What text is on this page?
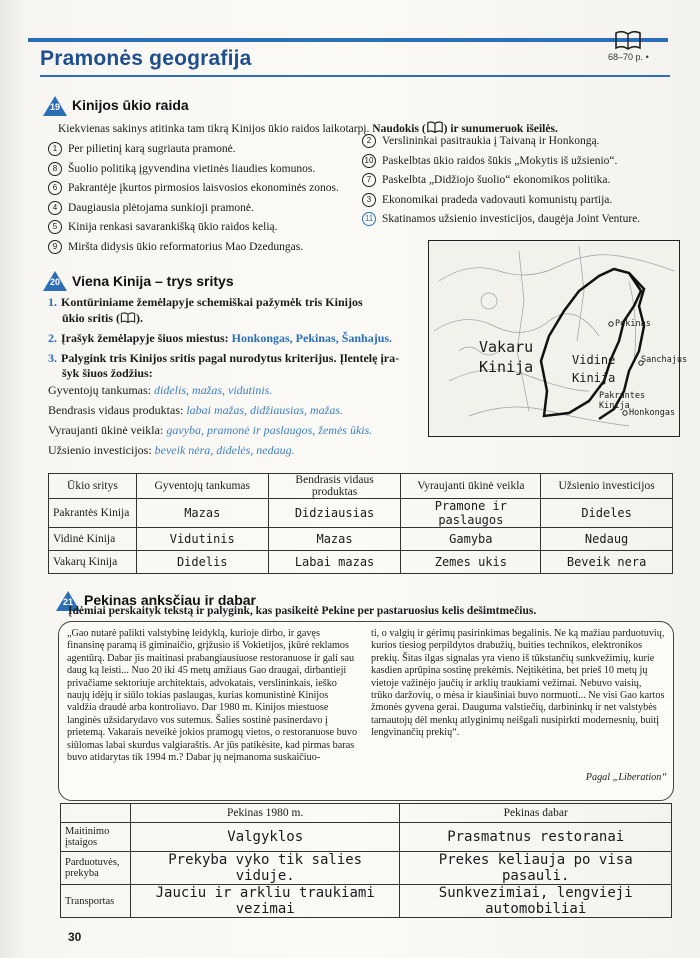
Pramonės geografija	68–70 p. •
19 Kinijos ūkio raida
Kiekvienas sakinys atitinka tam tikrą Kinijos ūkio raidos laikotarpį. Naudokis ( ) ir sunumeruok išeilės.
1 Per pilietinį karą sugriauta pramonė.
8 Šuolio politiką įgyvendina vietinės liaudies komunos.
6 Pakrantėje įkurtos pirmosios laisvosios ekonominės zonos.
4 Daugiausia plėtojama sunkioji pramonė.
5 Kinija renkasi savarankišką ūkio raidos kelią.
9 Miršta didysis ūkio reformatorius Mao Dzedungas.
2 Verslininkai pasitraukia į Taivaną ir Honkongą.
10 Paskelbtas ūkio raidos šūkis „Mokytis iš užsienio“.
7 Paskelbta „Didžiojo šuolio“ ekonomikos politika.
3 Ekonomikai pradeda vadovauti komunistų partija.
11 Skatinamos užsienio investicijos, daugėja Joint Venture.
20 Viena Kinija – trys sritys
1. Kontūriniame žemėlapyje schemiškai pažymėk tris Kinijos
ūkio sritis ( ).
2. Įrašyk žemėlapyje šiuos miestus: Honkongas, Pekinas, Šanhajus.
3. Palygink tris Kinijos sritis pagal nurodytus kriterijus. Įlentelę įra-
šyk šiuos žodžius:
Gyventojų tankumas: didelis, mažas, vidutinis.
Bendrasis vidaus produktas: labai mažas, didžiausias, mažas.
Vyraujanti ūkinė veikla: gavyba, pramonė ir paslaugos, žemės ūkis.
Užsienio investicijos: beveik nėra, didelės, nedaug.
Vakaru
Kinija	Vidine
Kinija
Pakrantes Kinija
Pekinas
Sanchajus
Honkongas
Ūkio sritys	Gyventojų tankumas	Bendrasis vidaus produktas	Vyraujanti ūkinė veikla	Užsienio investicijos
Pakrantės Kinija	Mazas	Didziausias	Pramone ir paslaugos	Dideles
Vidinė Kinija	Vidutinis	Mazas	Gamyba	Nedaug
Vakarų Kinija	Didelis	Labai mazas	Zemes ukis	Beveik nera
21 Pekinas anksčiau ir dabar
Įdėmiai perskaityk tekstą ir palygink, kas pasikeitė Pekine per pastaruosius kelis dešimtmečius.
„Gao nutarė palikti valstybinę leidyklą, kurioje dirbo, ir gavęs finansinę paramą iš giminaičio, grįžusio iš Vokietijos, įkūrė reklamos agentūrą. Dabar jis maitinasi prabangiausiuose restoranuose ir gali sau daug ką leisti... Nuo 20 iki 45 metų amžiaus Gao draugai, dirbantieji privačiame sektoriuje architektais, advokatais, verslininkais, ieško naujų idėjų ir siūlo tokias paslaugas, kurias komunistinė Kinijos valdžia draudė arba kontroliavo. Dar 1980 m. Kinijos miestuose langinės užsidarydavo vos sutemus. Šalies sostinė pasinerdavo į prietemą. Vakarais neveikė jokios pramogų vietos, o restoranuose buvo siūlomas labai skurdus valgiaraštis. Ar jūs patikėsite, kad pirmas baras buvo atidarytas tik 1994 m.? Dabar jų neįmanoma suskaičiuo-
ti, o valgių ir gėrimų pasirinkimas begalinis. Ne ką mažiau parduotuvių, kurios tiesiog perpildytos drabužių, buities technikos, elektronikos prekių. Šitas ilgas signalas yra vieno iš tūkstančių sunkvežimių, kurie kasdien aprūpina sostinę prekėmis. Neįtikėtina, bet prieš 10 metų jų vietoje važinėjo jaučių ir arklių traukiami vežimai. Nebuvo vaisių, trūko daržovių, o mėsa ir kiaušiniai buvo normuoti... Ne visi Gao kartos žmonės gyvena gerai. Dauguma valstiečių, darbininkų ir net valstybės tarnautojų dėl menkų atlyginimų neišgali nusipirkti modernesnių, buitį lengvinančių prekių“.
Pagal „Liberation“
	Pekinas 1980 m.	Pekinas dabar
Maitinimo įstaigos	Valgyklos	Prasmatnus restoranai
Parduotuvės, prekyba	Prekyba vyko tik salies viduje.	Prekes keliauja po visa pasauli.
Transportas	Jauciu ir arkliu traukiami vezimai	Sunkvezimiai, lengvieji automobiliai
30
